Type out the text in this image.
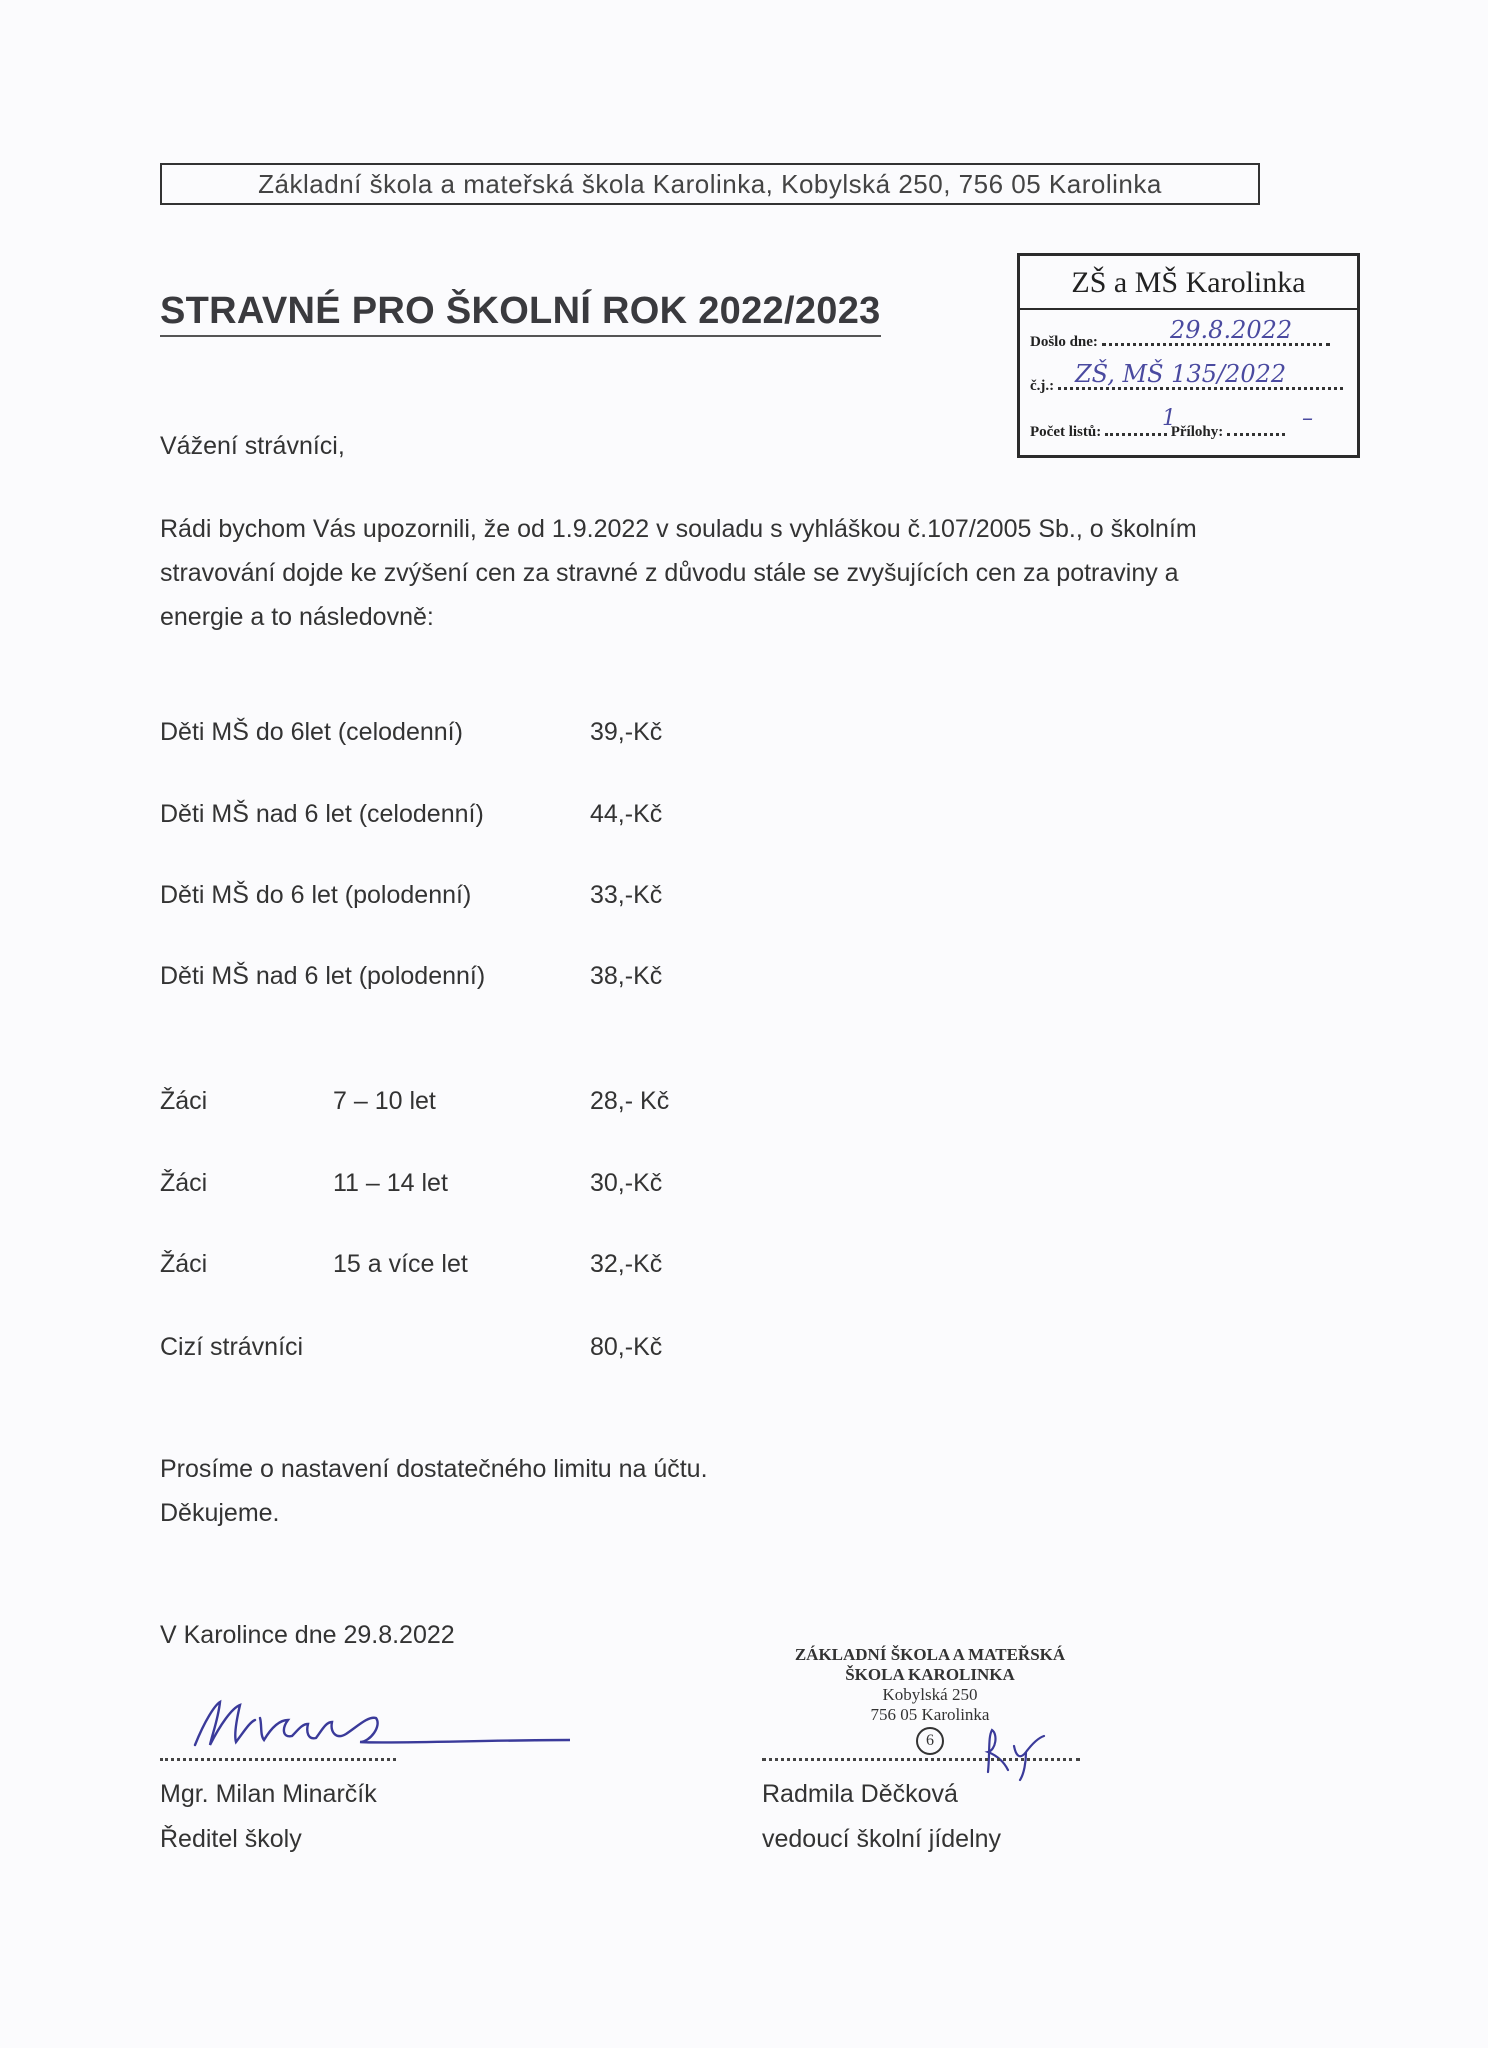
Základní škola a mateřská škola Karolinka, Kobylská 250, 756 05 Karolinka
STRAVNÉ PRO ŠKOLNÍ ROK 2022/2023
ZŠ a MŠ Karolinka
Došlo dne:	29.8.2022
č.j.: ZŠ, MŠ 135/2022
Počet listů:	Přílohy:
1	–
Vážení strávníci,
Rádi bychom Vás upozornili, že od 1.9.2022 v souladu s vyhláškou č.107/2005 Sb., o školním
stravování dojde ke zvýšení cen za stravné z důvodu stále se zvyšujících cen za potraviny a
energie a to následovně:
Děti MŠ do 6let (celodenní)	39,-Kč
Děti MŠ nad 6 let (celodenní)	44,-Kč
Děti MŠ do 6 let (polodenní)	33,-Kč
Děti MŠ nad 6 let (polodenní)	38,-Kč
Žáci	7 – 10 let	28,- Kč
Žáci	11 – 14 let	30,-Kč
Žáci	15 a více let	32,-Kč
Cizí strávníci	80,-Kč
Prosíme o nastavení dostatečného limitu na účtu.
Děkujeme.
V Karolince dne 29.8.2022
Mgr. Milan Minarčík
Ředitel školy
ZÁKLADNÍ ŠKOLA A MATEŘSKÁ
ŠKOLA KAROLINKA
Kobylská 250
756 05 Karolinka
6
Radmila Děčková
vedoucí školní jídelny
